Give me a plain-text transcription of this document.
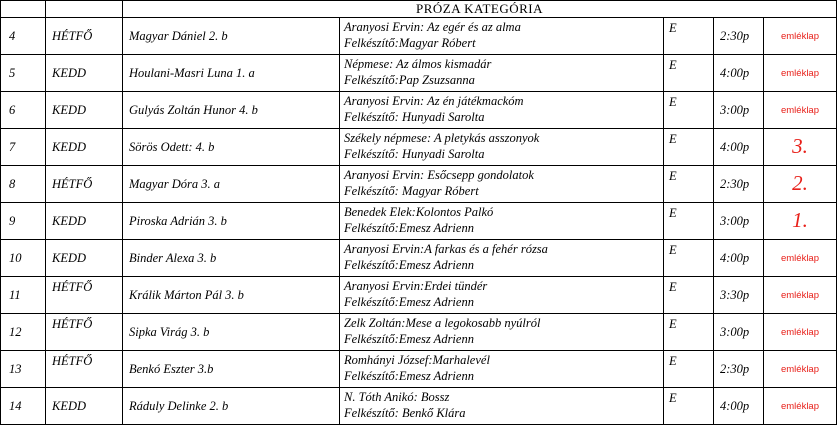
		PRÓZA KATEGÓRIA				
4	HÉTFŐ	Magyar Dániel 2. b	Aranyosi Ervin: Az egér és az alma
Felkészítő:Magyar Róbert	E	2:30p	emléklap
5	KEDD	Houlani-Masri Luna 1. a	Népmese: Az álmos kismadár
Felkészítő:Pap Zsuzsanna	E	4:00p	emléklap
6	KEDD	Gulyás Zoltán Hunor 4. b	Aranyosi Ervin: Az én játékmackóm
Felkészítő: Hunyadi Sarolta	E	3:00p	emléklap
7	KEDD	Sörös Odett: 4. b	Székely népmese: A pletykás asszonyok
Felkészítő: Hunyadi Sarolta	E	4:00p	3.
8	HÉTFŐ	Magyar Dóra 3. a	Aranyosi Ervin: Esőcsepp gondolatok
Felkészítő: Magyar Róbert	E	2:30p	2.
9	KEDD	Piroska Adrián 3. b	Benedek Elek:Kolontos Palkó
Felkészítő:Emesz Adrienn	E	3:00p	1.
10	KEDD	Binder Alexa 3. b	Aranyosi Ervin:A farkas és a fehér rózsa
Felkészítő:Emesz Adrienn	E	4:00p	emléklap
11	HÉTFŐ	Králik Márton Pál 3. b	Aranyosi Ervin:Erdei tündér
Felkészítő:Emesz Adrienn	E	3:30p	emléklap
12	HÉTFŐ	Sipka Virág 3. b	Zelk Zoltán:Mese a legokosabb nyúlról
Felkészítő:Emesz Adrienn	E	3:00p	emléklap
13	HÉTFŐ	Benkó Eszter 3.b	Romhányi József:Marhalevél
Felkészítő:Emesz Adrienn	E	2:30p	emléklap
14	KEDD	Ráduly Delinke 2. b	N. Tóth Anikó: Bossz
Felkészítő: Benkő Klára	E	4:00p	emléklap
